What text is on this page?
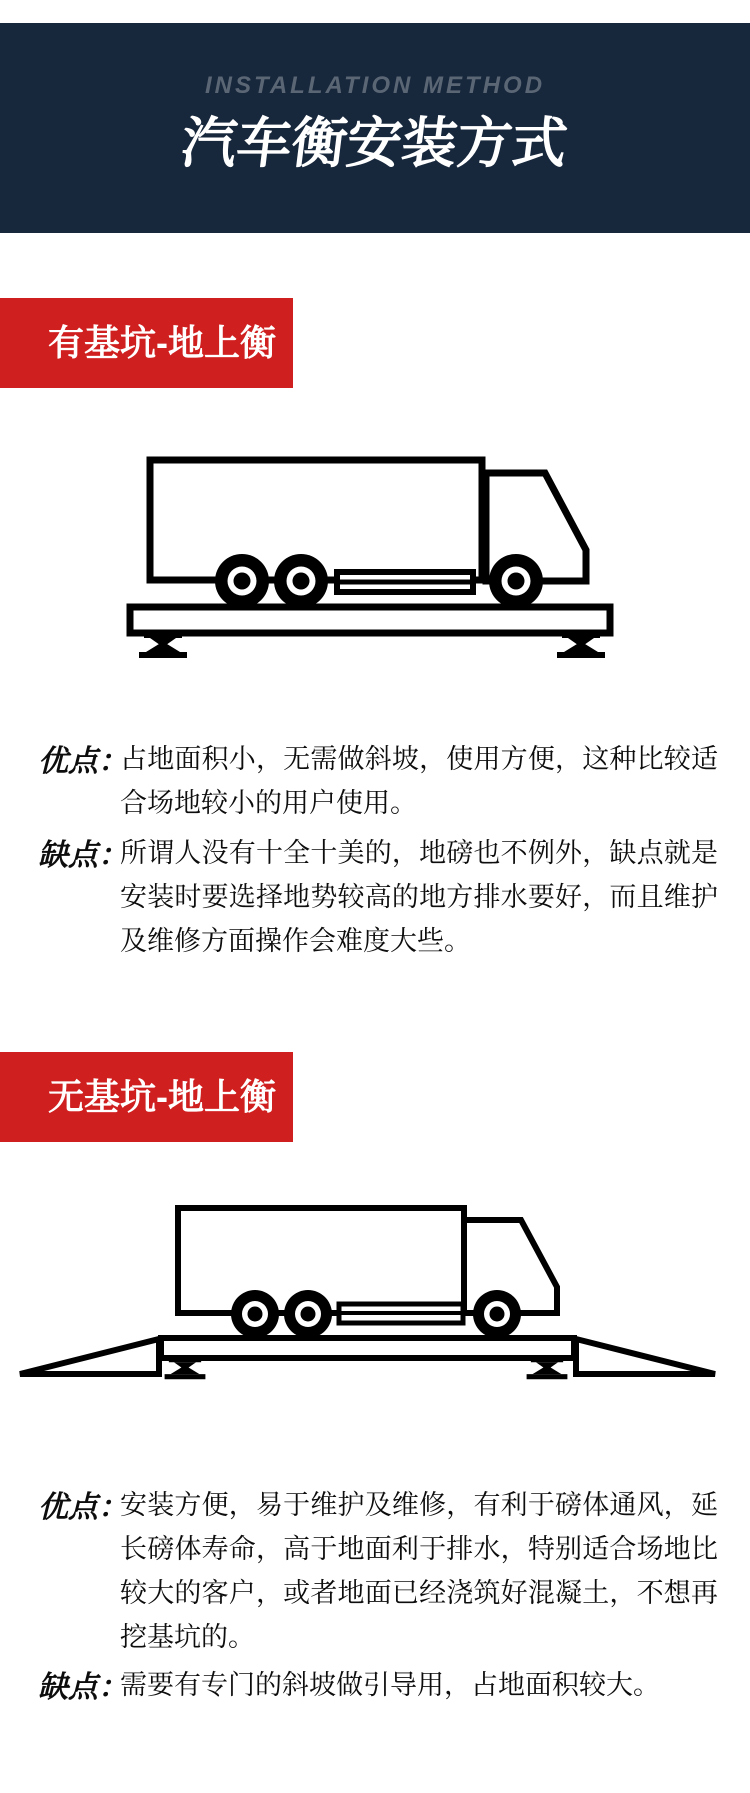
INSTALLATION METHOD
汽车衡安装方式
有基坑-地上衡
优点：

占地面积小，无需做斜坡，使用方便，这种比较适合场地较小的用户使用。

缺点：

所谓人没有十全十美的，地磅也不例外，缺点就是安装时要选择地势较高的地方排水要好，而且维护及维修方面操作会难度大些。

无基坑-地上衡
优点：

安装方便，易于维护及维修，有利于磅体通风，延长磅体寿命，高于地面利于排水，特别适合场地比较大的客户，或者地面已经浇筑好混凝土，不想再挖基坑的。

缺点：

需要有专门的斜坡做引导用，占地面积较大。
